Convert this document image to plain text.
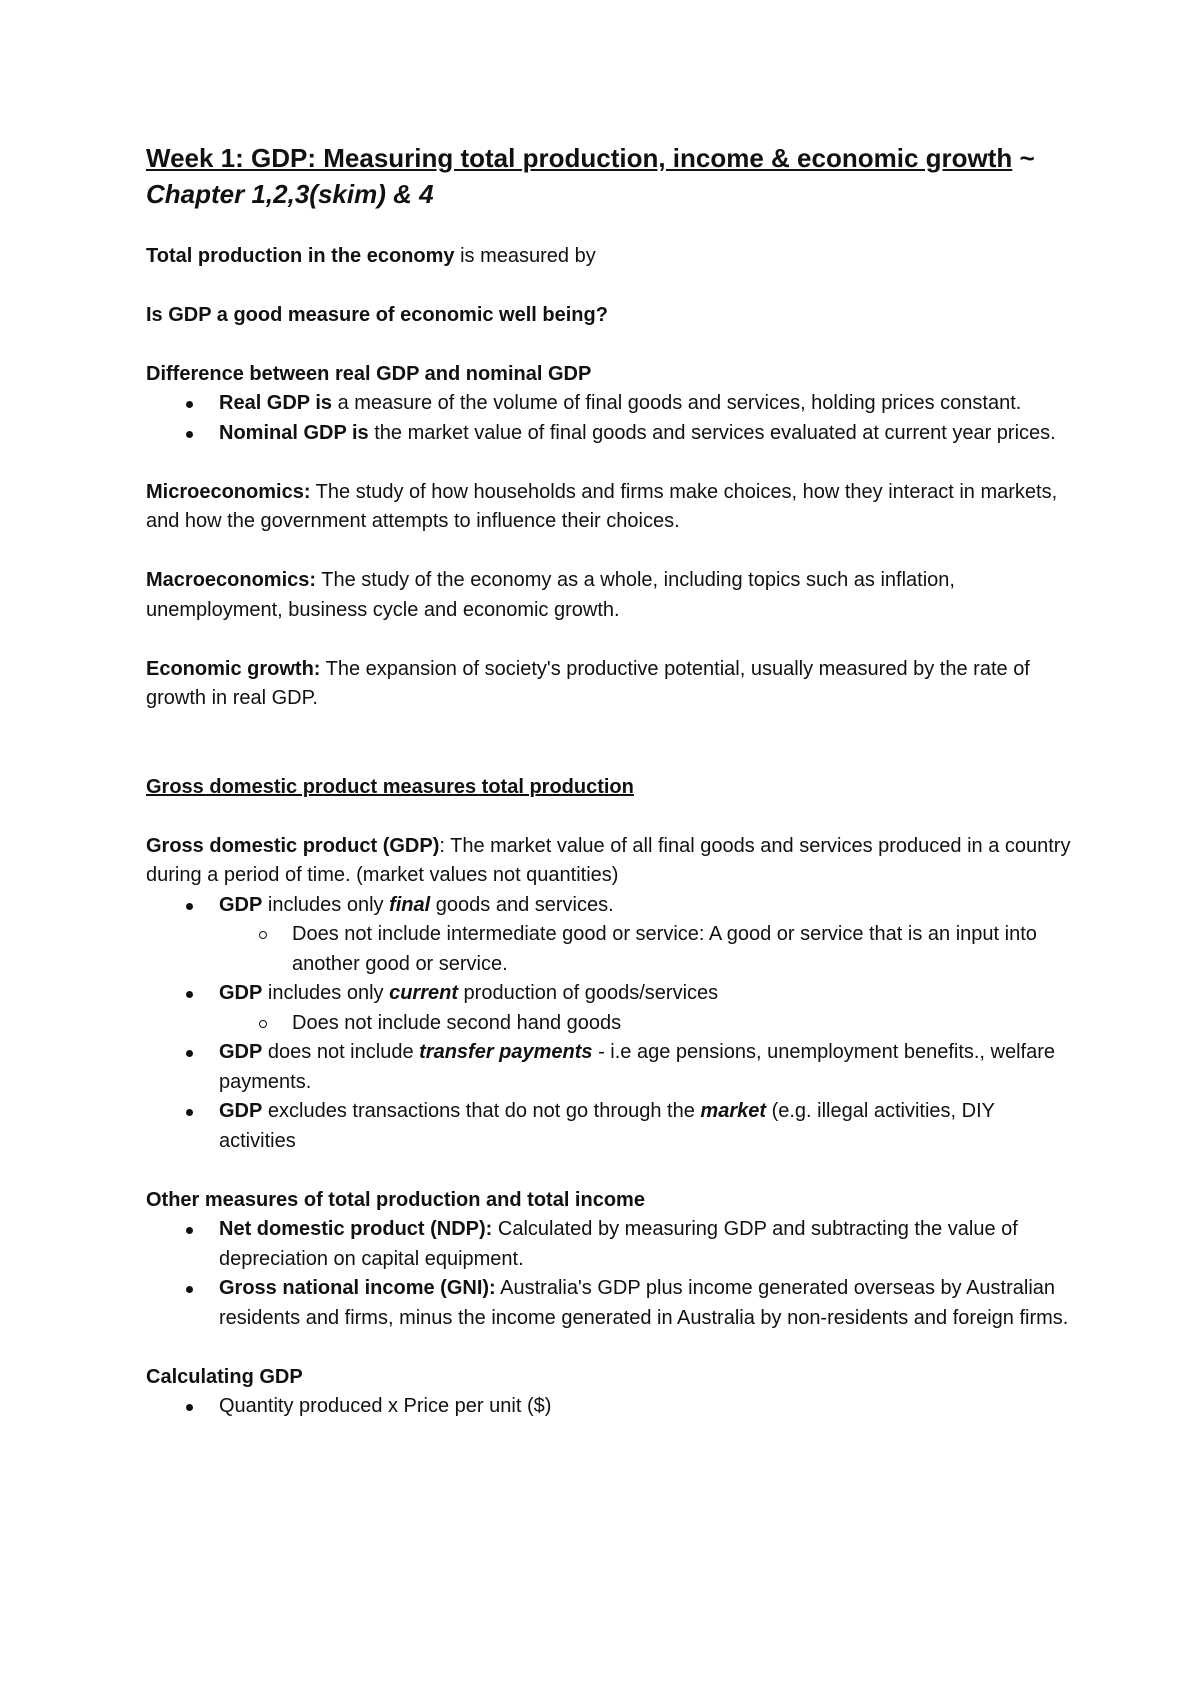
Week 1: GDP: Measuring total production, income & economic growth ~ Chapter 1,2,3(skim) & 4

Total production in the economy is measured by

Is GDP a good measure of economic well being?

Difference between real GDP and nominal GDP

Real GDP is a measure of the volume of final goods and services, holding prices constant.
Nominal GDP is the market value of final goods and services evaluated at current year prices.

Microeconomics: The study of how households and firms make choices, how they interact in markets, and how the government attempts to influence their choices.

Macroeconomics: The study of the economy as a whole, including topics such as inflation, unemployment, business cycle and economic growth.

Economic growth: The expansion of society's productive potential, usually measured by the rate of growth in real GDP.

Gross domestic product measures total production

Gross domestic product (GDP): The market value of all final goods and services produced in a country during a period of time. (market values not quantities)

GDP includes only final goods and services.
Does not include intermediate good or service: A good or service that is an input into another good or service.
GDP includes only current production of goods/services
Does not include second hand goods
GDP does not include transfer payments - i.e age pensions, unemployment benefits., welfare payments.
GDP excludes transactions that do not go through the market (e.g. illegal activities, DIY activities

Other measures of total production and total income

Net domestic product (NDP): Calculated by measuring GDP and subtracting the value of depreciation on capital equipment.
Gross national income (GNI): Australia's GDP plus income generated overseas by Australian residents and firms, minus the income generated in Australia by non-residents and foreign firms.

Calculating GDP

Quantity produced x Price per unit ($)
